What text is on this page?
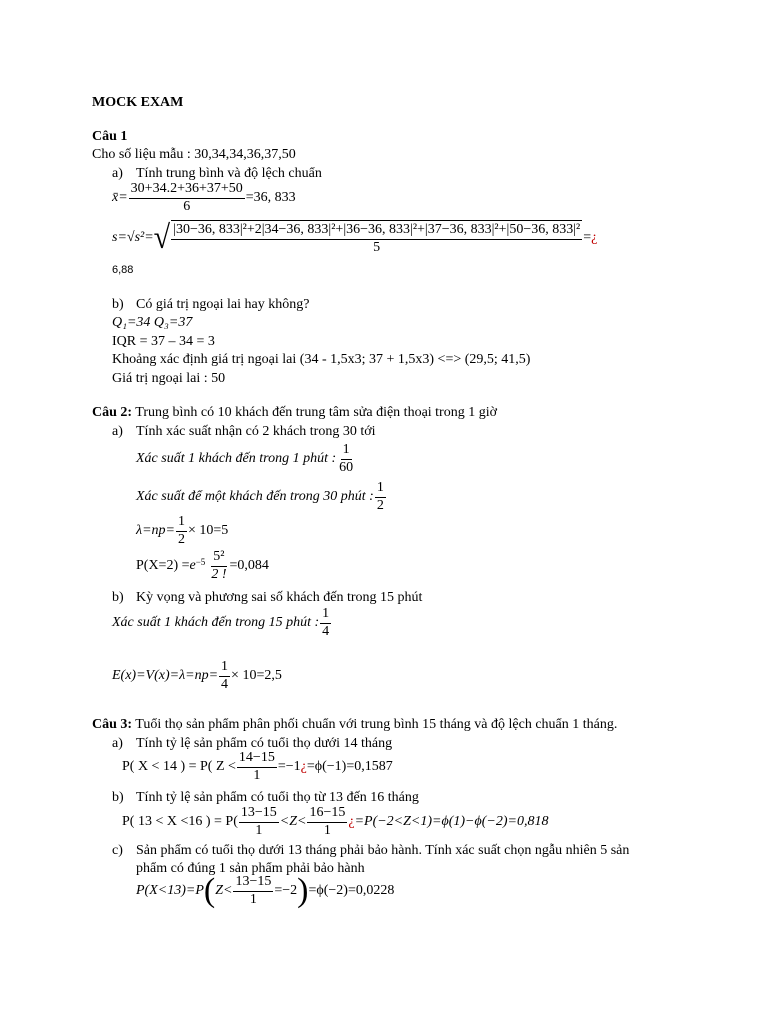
MOCK EXAM
Câu 1
Cho số liệu mẫu : 30,34,34,36,37,50
a) Tính trung bình và độ lệch chuẩn
x̄= $\frac{30+34.2+36+37+50}{6} =36$, 833
s=√s²= √ |30−36, 833|²+2|34−36, 833|²+|36−36, 833|²+|37−36, 833|²+|50−36, 833|²
5
= ¿
6,88
b) Có giá trị ngoại lai hay không?
Q₁=34 Q₃=37
IQR = 37 – 34 = 3
Khoảng xác định giá trị ngoại lai (34 - 1,5x3; 37 + 1,5x3) <=> (29,5; 41,5)
Giá trị ngoại lai : 50
Câu 2: Trung bình có 10 khách đến trung tâm sửa điện thoại trong 1 giờ
a) Tính xác suất nhận có 2 khách trong 30 tới
Xác suất 1 khách đến trong 1 phút : $\frac{1}{60}$
Xác suất để một khách đến trong 30 phút : $\frac{1}{2}$
$\lambda=np= \frac{1}{2} \times 10=5$
$P(X=2) = e^{-5} \frac{\text{5²}}{2 !} =0,084$
b) Kỳ vọng và phương sai số khách đến trong 15 phút
Xác suất 1 khách đến trong 15 phút : $\frac{1}{4}$
$E(x)=V(x)=\lambda=np= \frac{1}{4} \times 10=2,5$
Câu 3: Tuổi thọ sản phẩm phân phối chuẩn với trung bình 15 tháng và độ lệch chuẩn 1 tháng.
a) Tính tỷ lệ sản phẩm có tuổi thọ dưới 14 tháng
P( X < 14 ) = P( $Z < \frac{14-15}{1} =-1$ ¿ =ϕ(−1)=0,1587
b) Tính tỷ lệ sản phẩm có tuổi thọ từ 13 đến 16 tháng
P( 13 < X <16 ) = $P( \frac{13-15}{1} <Z< \frac{16-15}{1}$ ¿ =P(−2<Z<1)=ϕ(1)−ϕ(−2)=0,818
c) Sản phẩm có tuổi thọ dưới 13 tháng phải bảo hành. Tính xác suất chọn ngẫu nhiên 5 sản
phẩm có đúng 1 sản phẩm phải bảo hành
P(X<13)=P ( $Z< \frac{13-15}{1} =-2$ ) =ϕ(−2)=0,0228
